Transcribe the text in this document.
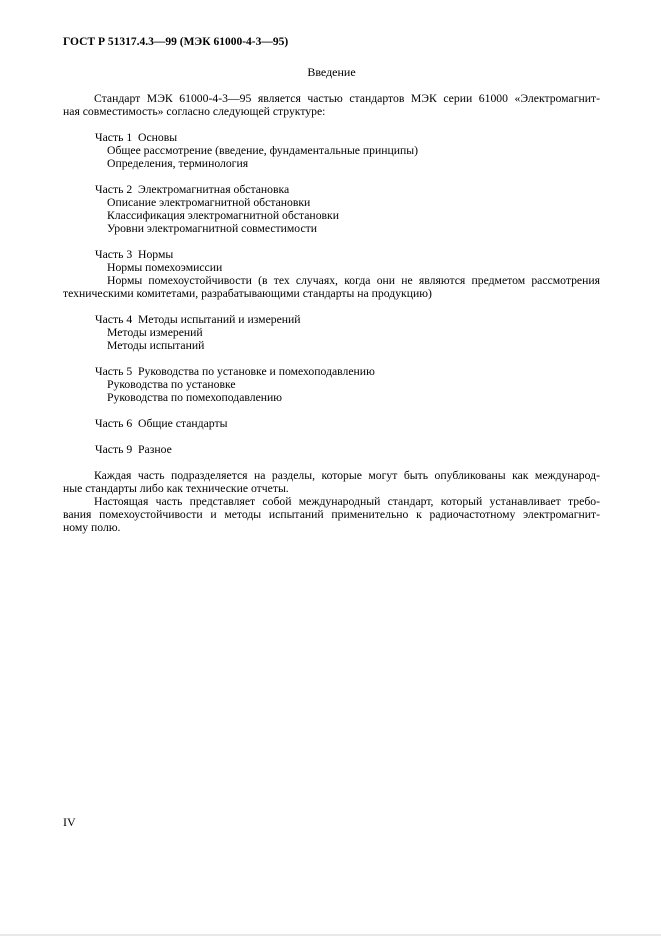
ГОСТ Р 51317.4.3—99 (МЭК 61000-4-3—95)
Введение
Стандарт МЭК 61000-4-3—95 является частью стандартов МЭК серии 61000 «Электромагнит-
ная совместимость» согласно следующей структуре:
Часть 1  Основы
Общее рассмотрение (введение, фундаментальные принципы)
Определения, терминология
Часть 2  Электромагнитная обстановка
Описание электромагнитной обстановки
Классификация электромагнитной обстановки
Уровни электромагнитной совместимости
Часть 3  Нормы
Нормы помехоэмиссии
Нормы помехоустойчивости (в тех случаях, когда они не являются предметом рассмотрения
техническими комитетами, разрабатывающими стандарты на продукцию)
Часть 4  Методы испытаний и измерений
Методы измерений
Методы испытаний
Часть 5  Руководства по установке и помехоподавлению
Руководства по установке
Руководства по помехоподавлению
Часть 6  Общие стандарты
Часть 9  Разное
Каждая часть подразделяется на разделы, которые могут быть опубликованы как международ-
ные стандарты либо как технические отчеты.
Настоящая часть представляет собой международный стандарт, который устанавливает требо-
вания помехоустойчивости и методы испытаний применительно к радиочастотному электромагнит-
ному полю.
IV
